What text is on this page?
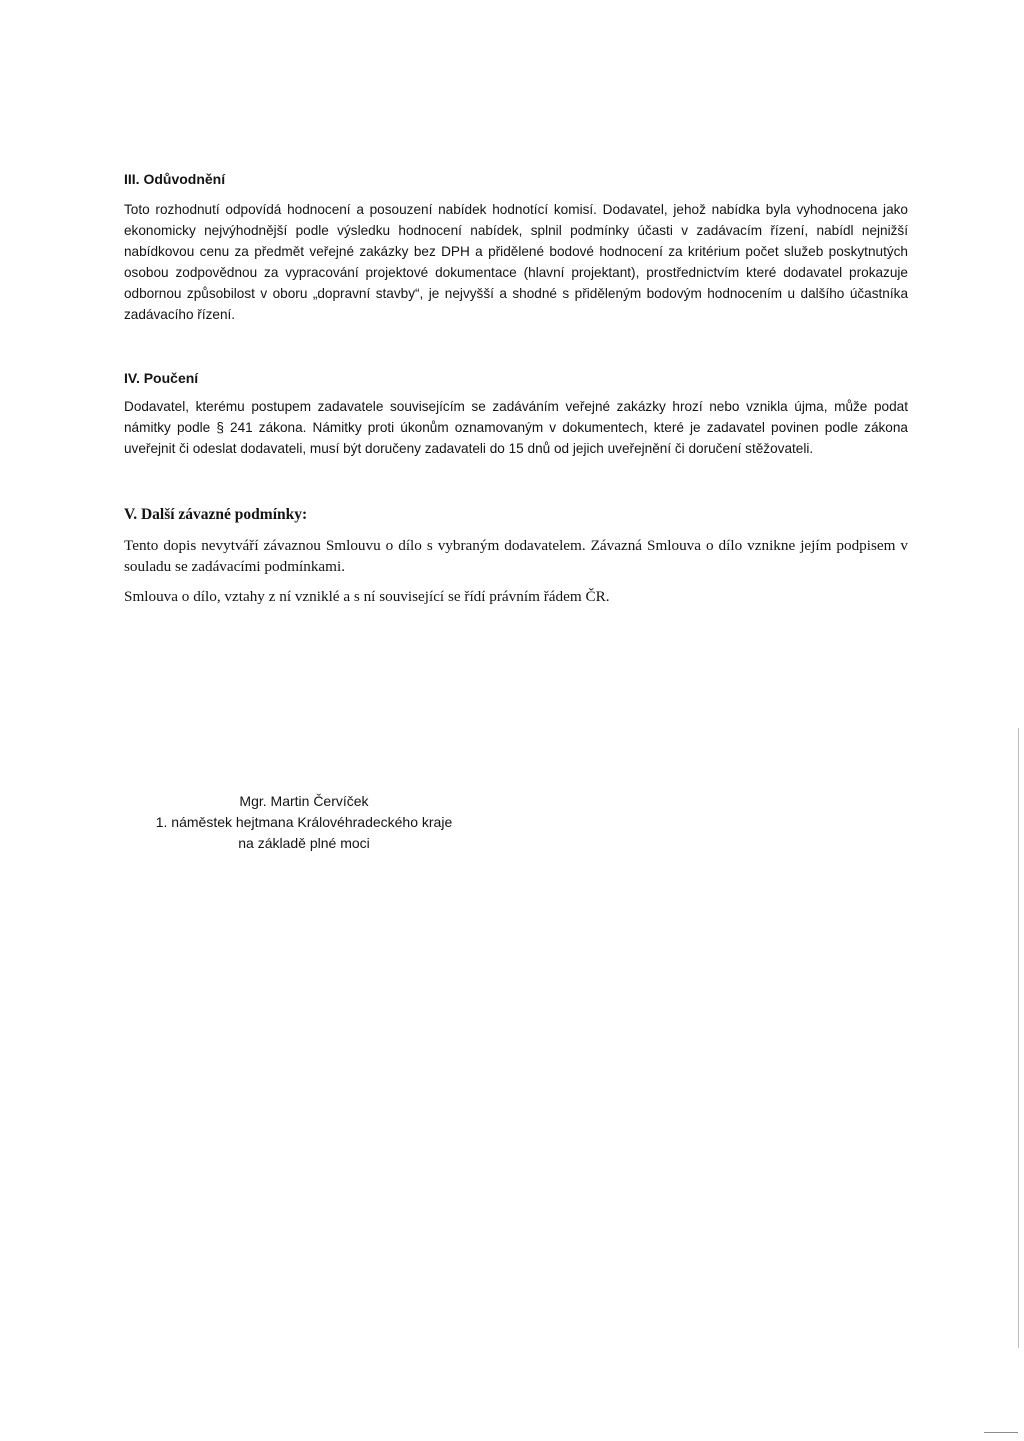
III. Odůvodnění

Toto rozhodnutí odpovídá hodnocení a posouzení nabídek hodnotící komisí. Dodavatel, jehož nabídka byla vyhodnocena jako ekonomicky nejvýhodnější podle výsledku hodnocení nabídek, splnil podmínky účasti v zadávacím řízení, nabídl nejnižší nabídkovou cenu za předmět veřejné zakázky bez DPH a přidělené bodové hodnocení za kritérium počet služeb poskytnutých osobou zodpovědnou za vypracování projektové dokumentace (hlavní projektant), prostřednictvím které dodavatel prokazuje odbornou způsobilost v oboru „dopravní stavby“, je nejvyšší a shodné s přiděleným bodovým hodnocením u dalšího účastníka zadávacího řízení.

IV. Poučení

Dodavatel, kterému postupem zadavatele souvisejícím se zadáváním veřejné zakázky hrozí nebo vznikla újma, může podat námitky podle § 241 zákona. Námitky proti úkonům oznamovaným v dokumentech, které je zadavatel povinen podle zákona uveřejnit či odeslat dodavateli, musí být doručeny zadavateli do 15 dnů od jejich uveřejnění či doručení stěžovateli.

V. Další závazné podmínky:

Tento dopis nevytváří závaznou Smlouvu o dílo s vybraným dodavatelem. Závazná Smlouva o dílo vznikne jejím podpisem v souladu se zadávacími podmínkami.

Smlouva o dílo, vztahy z ní vzniklé a s ní související se řídí právním řádem ČR.

Mgr. Martin Červíček
1. náměstek hejtmana Královéhradeckého kraje
na základě plné moci
